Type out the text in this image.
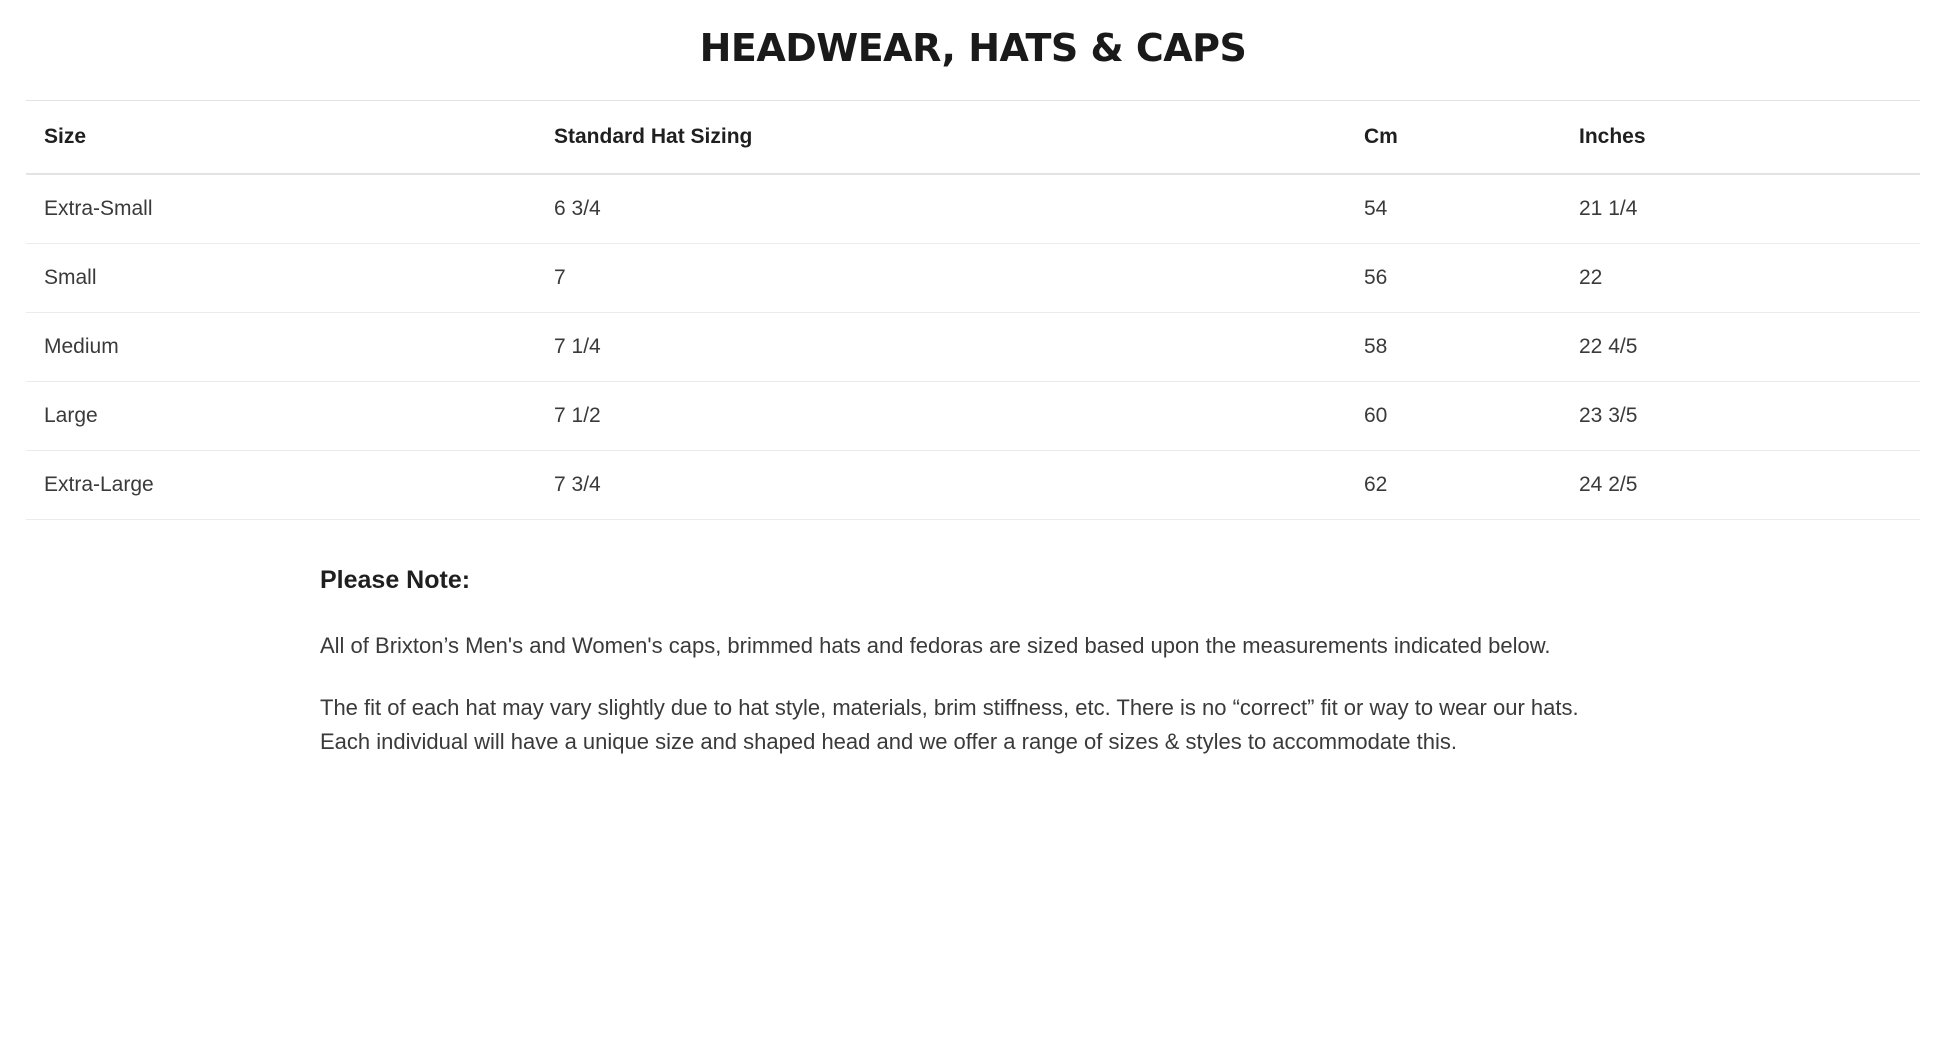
HEADWEAR, HATS & CAPS
Size	Standard Hat Sizing	Cm	Inches
Extra-Small	6 3/4	54	21 1/4
Small	7	56	22
Medium	7 1/4	58	22 4/5
Large	7 1/2	60	23 3/5
Extra-Large	7 3/4	62	24 2/5
Please Note:

All of Brixton’s Men's and Women's caps, brimmed hats and fedoras are sized based upon the measurements indicated below.

The fit of each hat may vary slightly due to hat style, materials, brim stiffness, etc. There is no “correct” fit or way to wear our hats. Each individual will have a unique size and shaped head and we offer a range of sizes & styles to accommodate this.
